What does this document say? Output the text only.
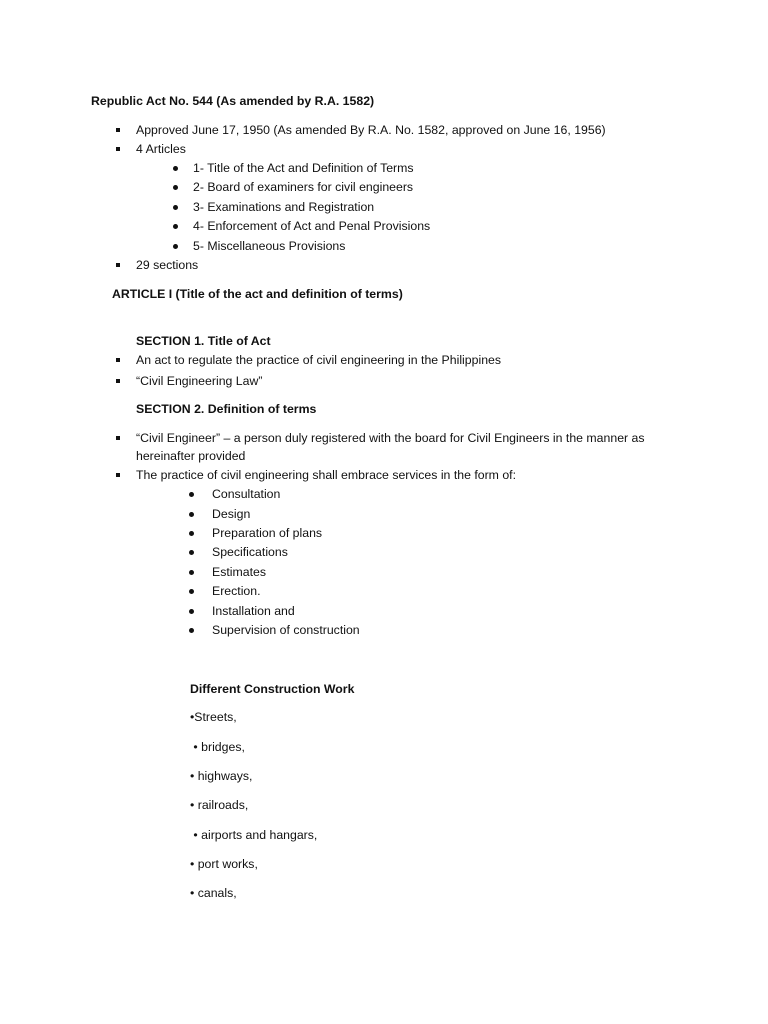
Republic Act No. 544 (As amended by R.A. 1582)
Approved June 17, 1950 (As amended By R.A. No. 1582, approved on June 16, 1956)
4 Articles
1- Title of the Act and Definition of Terms
2- Board of examiners for civil engineers
3- Examinations and Registration
4- Enforcement of Act and Penal Provisions
5- Miscellaneous Provisions
29 sections
ARTICLE I (Title of the act and definition of terms)
SECTION 1. Title of Act
An act to regulate the practice of civil engineering in the Philippines
“Civil Engineering Law”
SECTION 2. Definition of terms
“Civil Engineer” – a person duly registered with the board for Civil Engineers in the manner as
hereinafter provided
The practice of civil engineering shall embrace services in the form of:
Consultation
Design
Preparation of plans
Specifications
Estimates
Erection.
Installation and
Supervision of construction
Different Construction Work
•Streets,
• bridges,
• highways,
• railroads,
• airports and hangars,
• port works,
• canals,
